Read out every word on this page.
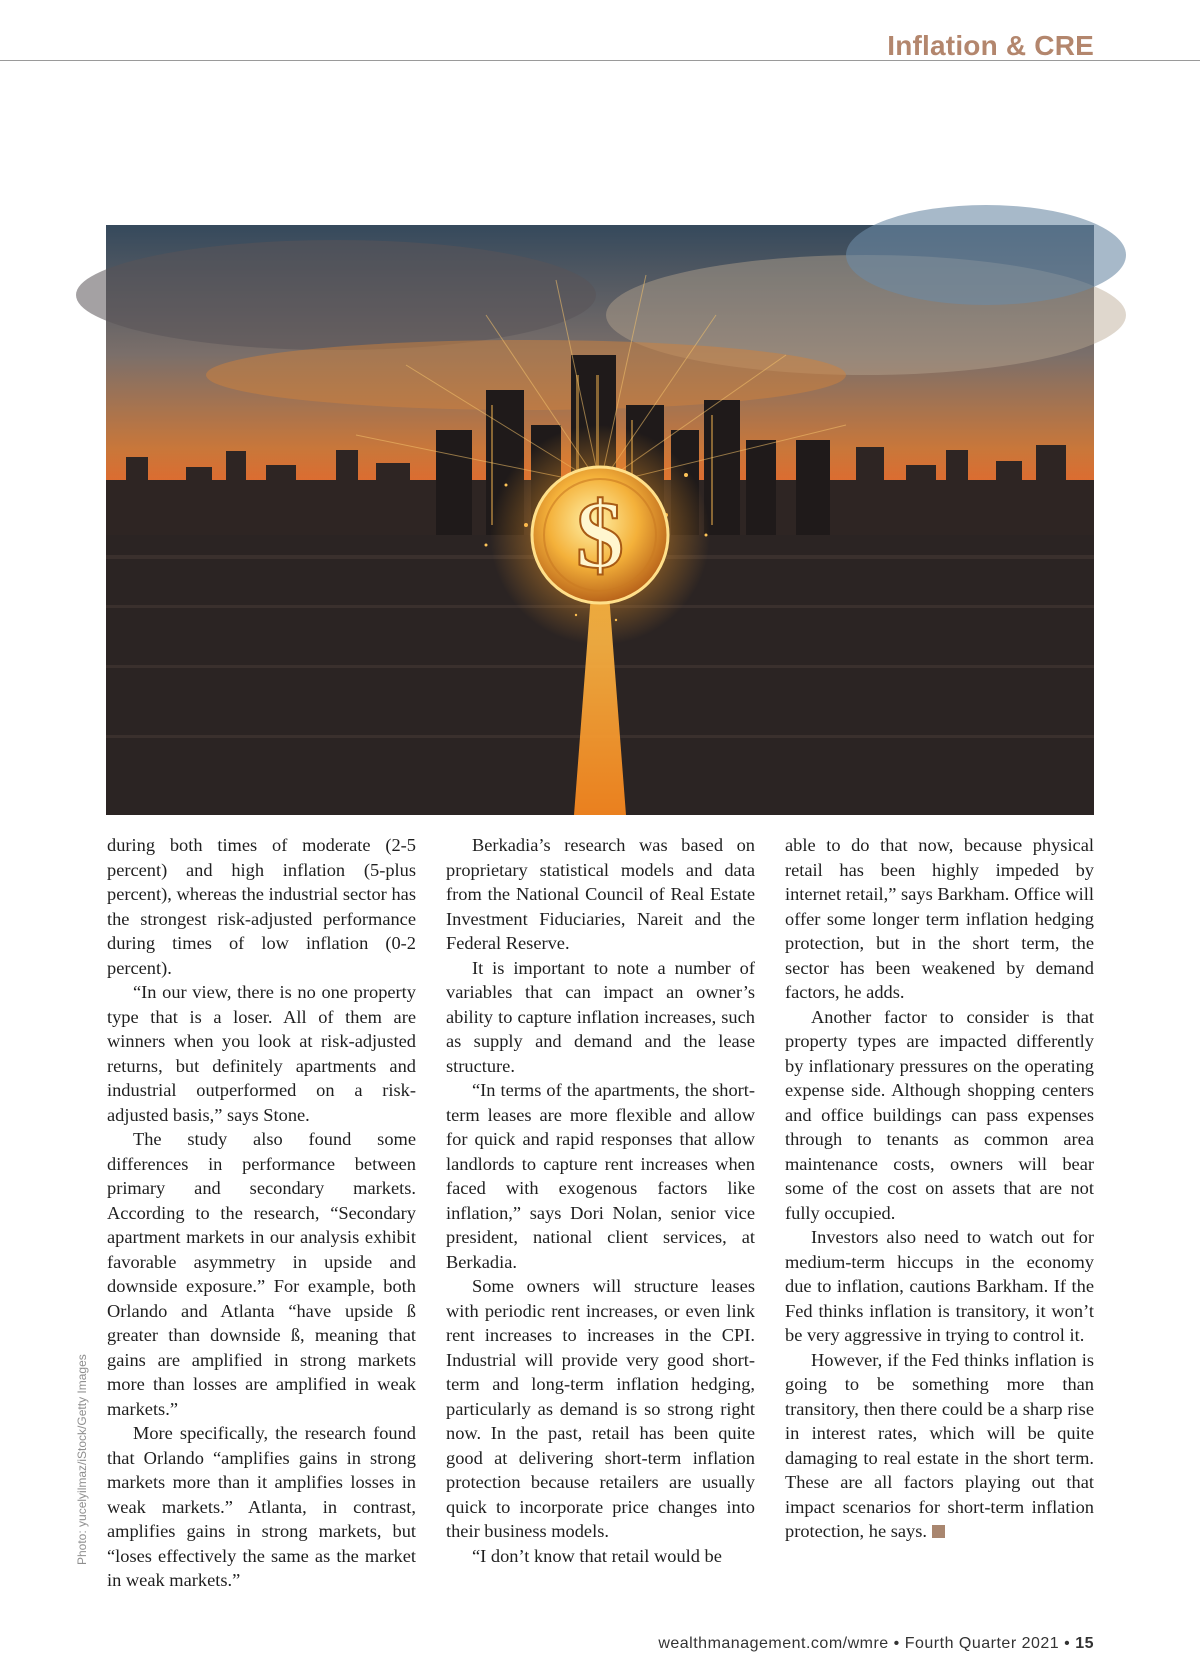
Inflation & CRE
$
Photo: yucelyilmaz/iStock/Getty Images

during both times of moderate (2-5 percent) and high inflation (5-plus percent), whereas the industrial sector has the strongest risk-adjusted performance during times of low inflation (0-2 percent).

“In our view, there is no one property type that is a loser. All of them are winners when you look at risk-adjusted returns, but definitely apartments and industrial outperformed on a risk-adjusted basis,” says Stone.

The study also found some differences in performance between primary and secondary markets. According to the research, “Secondary apartment markets in our analysis exhibit favorable asymmetry in upside and downside exposure.” For example, both Orlando and Atlanta “have upside ß greater than downside ß, meaning that gains are amplified in strong markets more than losses are amplified in weak markets.”

More specifically, the research found that Orlando “amplifies gains in strong markets more than it amplifies losses in weak markets.” Atlanta, in contrast, amplifies gains in strong markets, but “loses effectively the same as the market in weak markets.”

Berkadia’s research was based on proprietary statistical models and data from the National Council of Real Estate Investment Fiduciaries, Nareit and the Federal Reserve.

It is important to note a number of variables that can impact an owner’s ability to capture inflation increases, such as supply and demand and the lease structure.

“In terms of the apartments, the short-term leases are more flexible and allow for quick and rapid responses that allow landlords to capture rent increases when faced with exogenous factors like inflation,” says Dori Nolan, senior vice president, national client services, at Berkadia.

Some owners will structure leases with periodic rent increases, or even link rent increases to increases in the CPI. Industrial will provide very good short-term and long-term inflation hedging, particularly as demand is so strong right now. In the past, retail has been quite good at delivering short-term inflation protection because retailers are usually quick to incorporate price changes into their business models.

“I don’t know that retail would be

able to do that now, because physical retail has been highly impeded by internet retail,” says Barkham. Office will offer some longer term inflation hedging protection, but in the short term, the sector has been weakened by demand factors, he adds.

Another factor to consider is that property types are impacted differently by inflationary pressures on the operating expense side. Although shopping centers and office buildings can pass expenses through to tenants as common area maintenance costs, owners will bear some of the cost on assets that are not fully occupied.

Investors also need to watch out for medium-term hiccups in the economy due to inflation, cautions Barkham. If the Fed thinks inflation is transitory, it won’t be very aggressive in trying to control it.

However, if the Fed thinks inflation is going to be something more than transitory, then there could be a sharp rise in interest rates, which will be quite damaging to real estate in the short term. These are all factors playing out that impact scenarios for short-term inflation protection, he says.

wealthmanagement.com/wmre • Fourth Quarter 2021 • 15
